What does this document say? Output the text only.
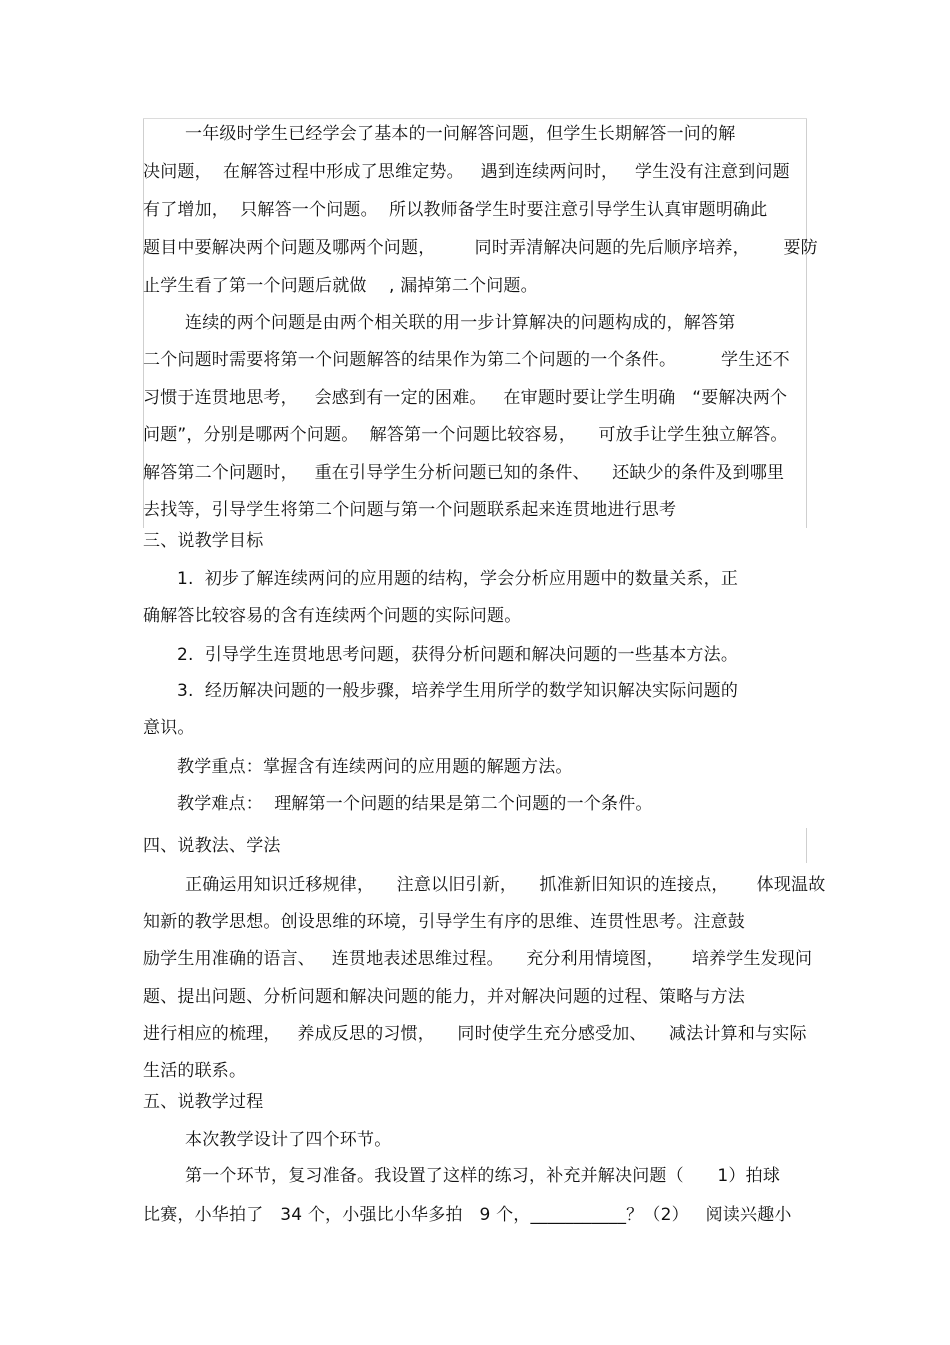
一年级时学生已经学会了基本的一问解答问题，但学生长期解答一问的解
决问题，  在解答过程中形成了思维定势。   遇到连续两问时，   学生没有注意到问题
有了增加，  只解答一个问题。  所以教师备学生时要注意引导学生认真审题明确此
题目中要解决两个问题及哪两个问题，       同时弄清解决问题的先后顺序培养，      要防
止学生看了第一个问题后就做    , 漏掉第二个问题。
连续的两个问题是由两个相关联的用一步计算解决的问题构成的，解答第
二个问题时需要将第一个问题解答的结果作为第二个问题的一个条件。        学生还不
习惯于连贯地思考，   会感到有一定的困难。   在审题时要让学生明确   “要解决两个
问题”，分别是哪两个问题。  解答第一个问题比较容易，    可放手让学生独立解答。
解答第二个问题时，   重在引导学生分析问题已知的条件、    还缺少的条件及到哪里
去找等，引导学生将第二个问题与第一个问题联系起来连贯地进行思考
三、说教学目标
1.  初步了解连续两问的应用题的结构，学会分析应用题中的数量关系，正
确解答比较容易的含有连续两个问题的实际问题。
2.  引导学生连贯地思考问题，获得分析问题和解决问题的一些基本方法。
3.  经历解决问题的一般步骤，培养学生用所学的数学知识解决实际问题的
意识。
教学重点：掌握含有连续两问的应用题的解题方法。
教学难点：  理解第一个问题的结果是第二个问题的一个条件。
四、说教法、学法
正确运用知识迁移规律，    注意以旧引新，    抓准新旧知识的连接点，     体现温故
知新的教学思想。创设思维的环境，引导学生有序的思维、连贯性思考。注意鼓
励学生用准确的语言、   连贯地表述思维过程。    充分利用情境图，     培养学生发现问
题、提出问题、分析问题和解决问题的能力，并对解决问题的过程、策略与方法
进行相应的梳理，   养成反思的习惯，    同时使学生充分感受加、    减法计算和与实际
生活的联系。
五、说教学过程
本次教学设计了四个环节。
第一个环节，复习准备。我设置了这样的练习，补充并解决问题（      1）拍球
比赛，小华拍了   34 个，小强比小华多拍   9 个，___________？（2）   阅读兴趣小
